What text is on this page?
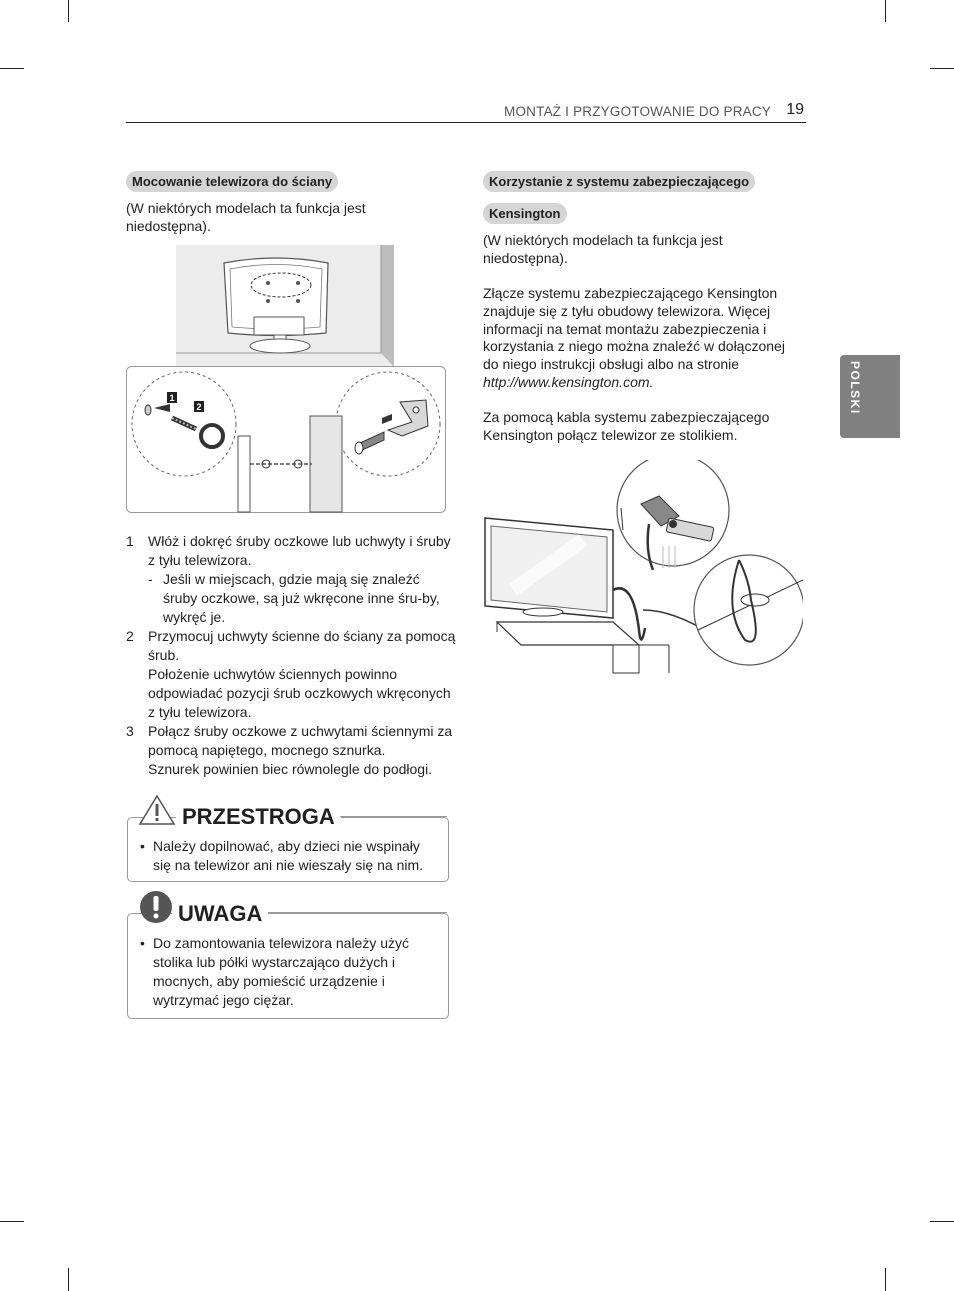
MONTAŻ I PRZYGOTOWANIE DO PRACY 19
POLSKI
Mocowanie telewizora do ściany

(W niektórych modelach ta funkcja jest niedostępna).

1
2
1 Włóż i dokręć śruby oczkowe lub uchwyty i śruby z tyłu telewizora.
- Jeśli w miejscach, gdzie mają się znaleźć śruby oczkowe, są już wkręcone inne śru-by, wykręć je.
2 Przymocuj uchwyty ścienne do ściany za pomocą śrub.
Położenie uchwytów ściennych powinno odpowiadać pozycji śrub oczkowych wkręconych z tyłu telewizora.
3 Połącz śruby oczkowe z uchwytami ściennymi za pomocą napiętego, mocnego sznurka.
Sznurek powinien biec równolegle do podłogi.
PRZESTROGA
• Należy dopilnować, aby dzieci nie wspinały się na telewizor ani nie wieszały się na nim.
UWAGA
• Do zamontowania telewizora należy użyć stolika lub półki wystarczająco dużych i mocnych, aby pomieścić urządzenie i wytrzymać jego ciężar.
Korzystanie z systemu zabezpieczającego
Kensington

(W niektórych modelach ta funkcja jest niedostępna).

Złącze systemu zabezpieczającego Kensington znajduje się z tyłu obudowy telewizora. Więcej informacji na temat montażu zabezpieczenia i korzystania z niego można znaleźć w dołączonej do niego instrukcji obsługi albo na stronie http://www.kensington.com.

Za pomocą kabla systemu zabezpieczającego Kensington połącz telewizor ze stolikiem.
